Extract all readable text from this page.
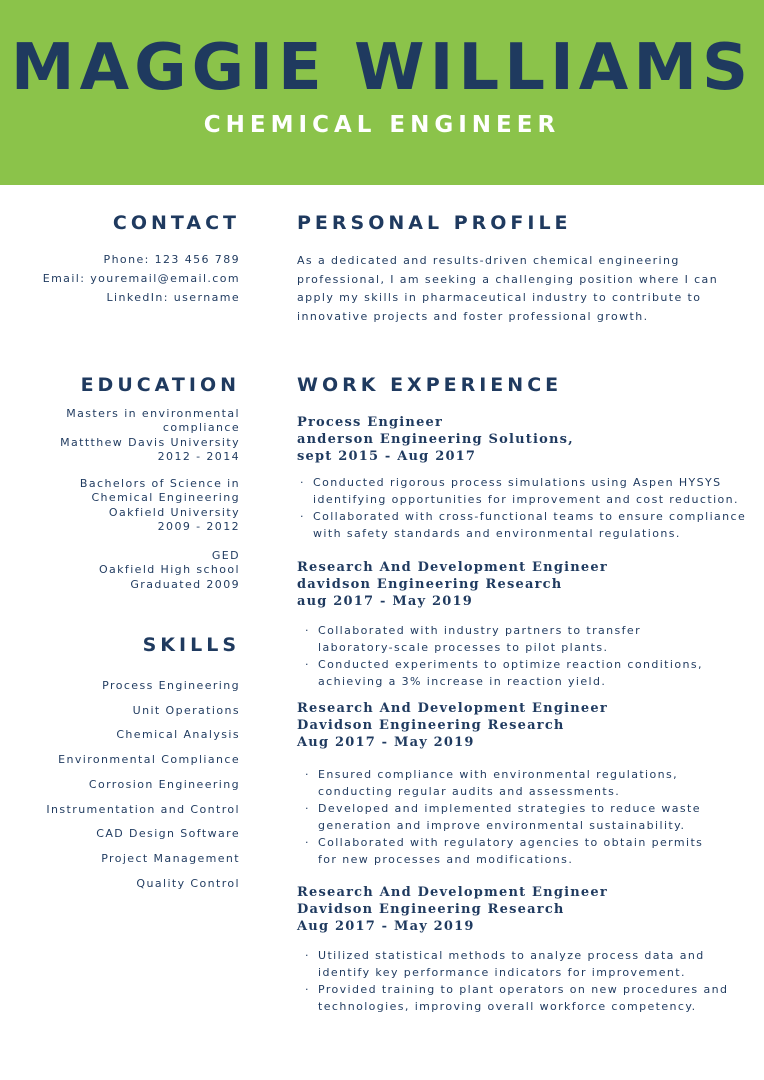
MAGGIE WILLIAMS
CHEMICAL ENGINEER
CONTACT
Phone: 123 456 789
Email: youremail@email.com
LinkedIn: username
EDUCATION
Masters in environmental
compliance
Mattthew Davis University
2012 - 2014
Bachelors of Science in
Chemical Engineering
Oakfield University
2009 - 2012
GED
Oakfield High school
Graduated 2009
SKILLS
Process Engineering
Unit Operations
Chemical Analysis
Environmental Compliance
Corrosion Engineering
Instrumentation and Control
CAD Design Software
Project Management
Quality Control
PERSONAL PROFILE
As a dedicated and results-driven chemical engineering professional, I am seeking a challenging position where I can apply my skills in pharmaceutical industry to contribute to innovative projects and foster professional growth.
WORK EXPERIENCE
Process Engineer
anderson Engineering Solutions,
sept 2015 - Aug 2017
· Conducted rigorous process simulations using Aspen HYSYS
identifying opportunities for improvement and cost reduction.
· Collaborated with cross-functional teams to ensure compliance
with safety standards and environmental regulations.
Research And Development Engineer
davidson Engineering Research
aug 2017 - May 2019
· Collaborated with industry partners to transfer
laboratory-scale processes to pilot plants.
· Conducted experiments to optimize reaction conditions,
achieving a 3% increase in reaction yield.
Research And Development Engineer
Davidson Engineering Research
Aug 2017 - May 2019
· Ensured compliance with environmental regulations,
conducting regular audits and assessments.
· Developed and implemented strategies to reduce waste
generation and improve environmental sustainability.
· Collaborated with regulatory agencies to obtain permits
for new processes and modifications.
Research And Development Engineer
Davidson Engineering Research
Aug 2017 - May 2019
· Utilized statistical methods to analyze process data and
identify key performance indicators for improvement.
· Provided training to plant operators on new procedures and
technologies, improving overall workforce competency.
